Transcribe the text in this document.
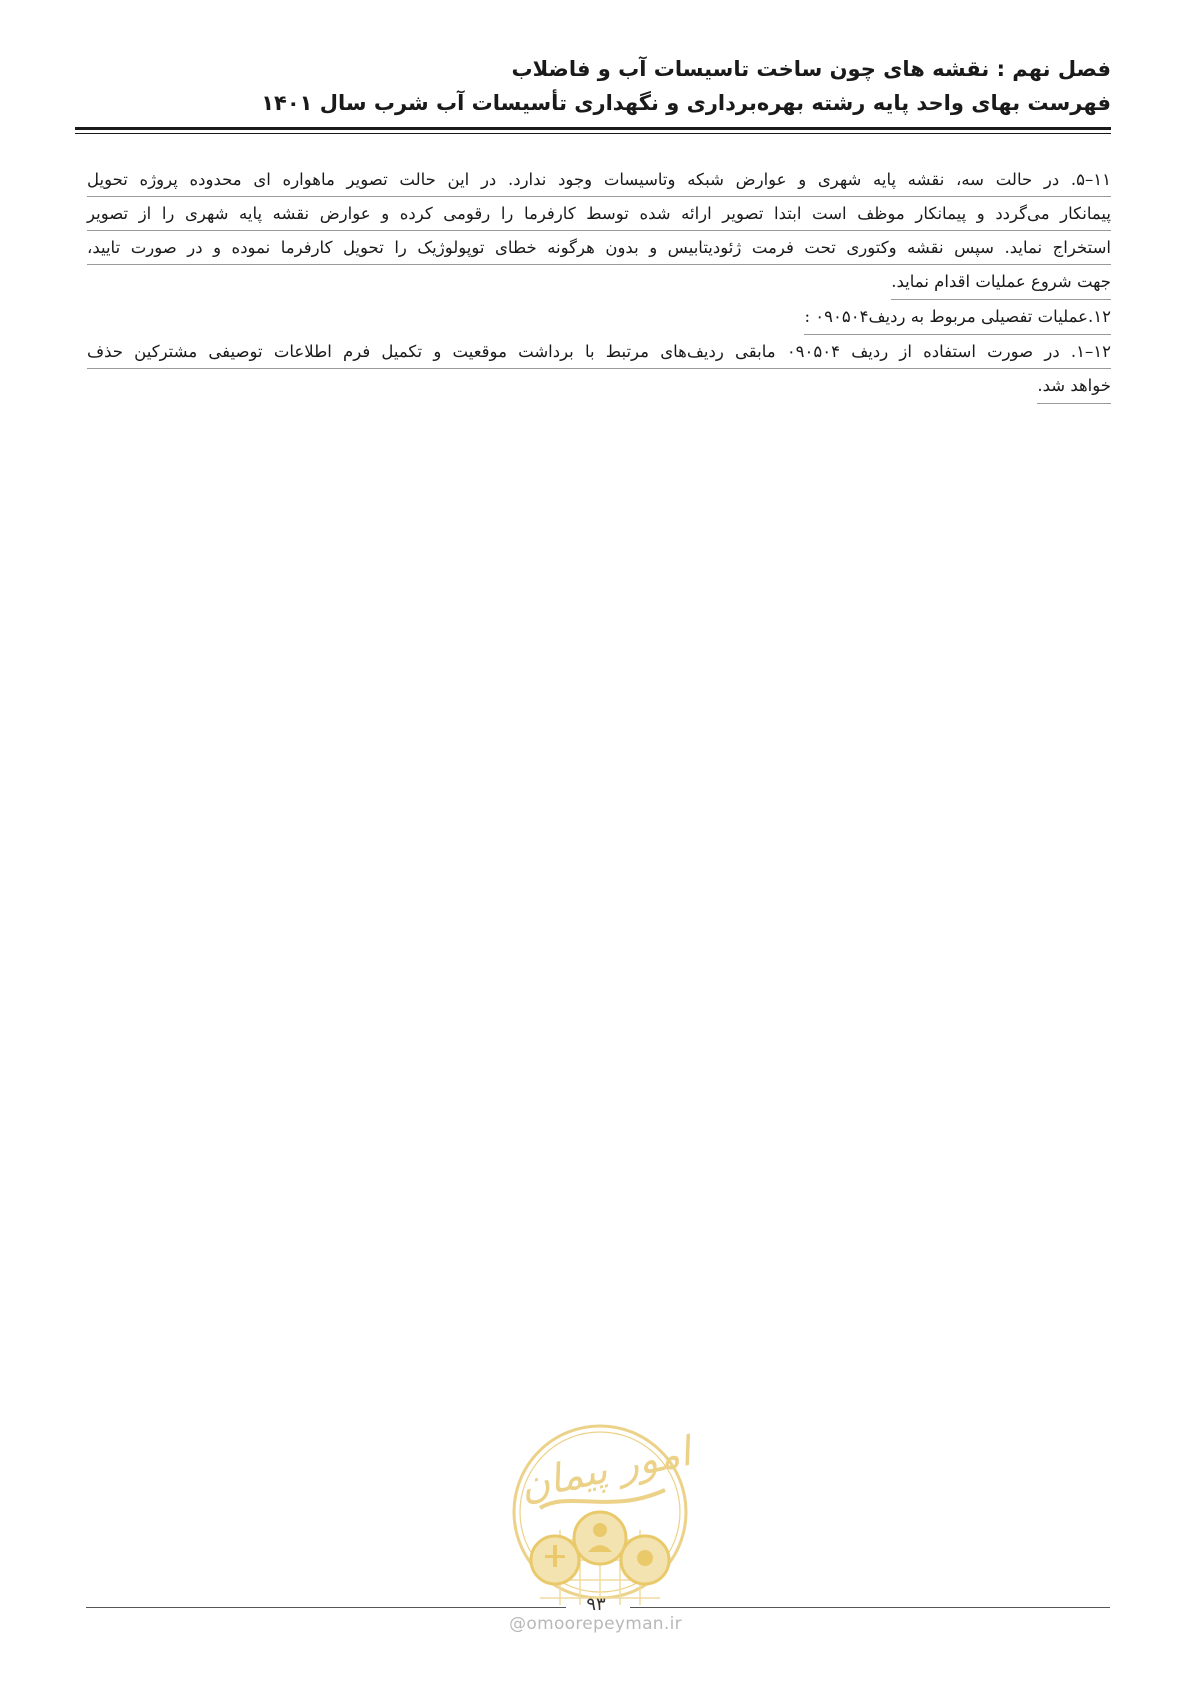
فصل نهم : نقشه های چون ساخت تاسیسات آب و فاضلاب
فهرست بهای واحد پایه رشته بهره‌برداری و نگهداری تأسیسات آب شرب سال ۱۴۰۱
۱۱–۵. در حالت سه، نقشه پایه شهری و عوارض شبکه وتاسیسات وجود ندارد. در این حالت تصویر ماهواره ای محدوده پروژه تحویل
پیمانکار می‌گردد و پیمانکار موظف است ابتدا تصویر ارائه شده توسط کارفرما را رقومی کرده و عوارض نقشه پایه شهری را از تصویر
استخراج نماید. سپس نقشه وکتوری تحت فرمت ژئودیتابیس و بدون هرگونه خطای توپولوژیک را تحویل کارفرما نموده و در صورت تایید،
جهت شروع عملیات اقدام نماید.
۱۲.عملیات تفصیلی مربوط به ردیف۰۹۰۵۰۴ :
۱۲–۱. در صورت استفاده از ردیف ۰۹۰۵۰۴ مابقی ردیف‌های مرتبط با برداشت موقعیت و تکمیل فرم اطلاعات توصیفی مشترکین حذف
خواهد شد.
امور پیمان
۹۳
@omoorepeyman.ir
